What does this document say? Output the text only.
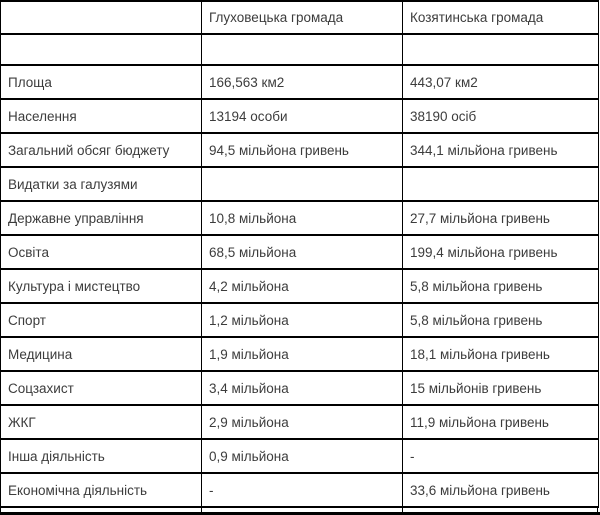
	Глуховецька громада	Козятинська громада

Площа	166,563 км2	443,07 км2
Населення	13194 особи	38190 осіб
Загальний обсяг бюджету	94,5 мільйона гривень	344,1 мільйона гривень
Видатки за галузями		
Державне управління	10,8 мільйона	27,7 мільйона гривень
Освіта	68,5 мільйона	199,4 мільйона гривень
Культура і мистецтво	4,2 мільйона	5,8 мільйона гривень
Спорт	1,2 мільйона	5,8 мільйона гривень
Медицина	1,9 мільйона	18,1 мільйона гривень
Соцзахист	3,4 мільйона	15 мільйонів гривень
ЖКГ	2,9 мільйона	11,9 мільйона гривень
Інша діяльність	0,9 мільйона	-
Економічна діяльність	-	33,6 мільйона гривень
